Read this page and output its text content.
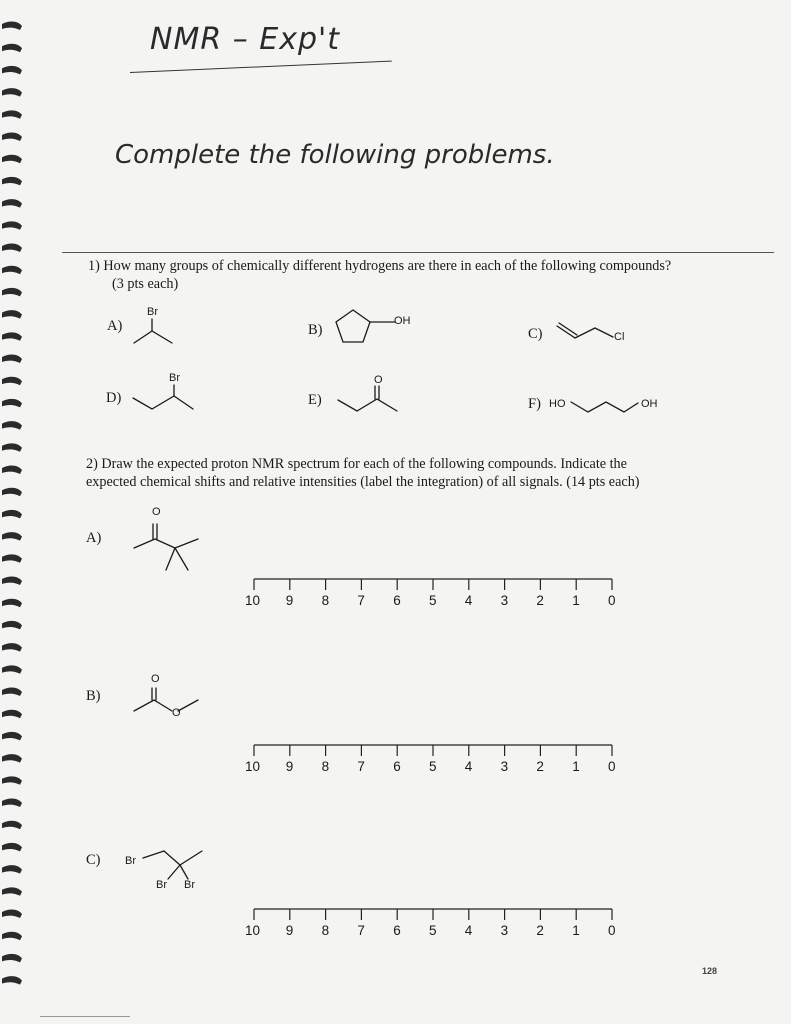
NMR – Exp't
Complete the following problems.
1) How many groups of chemically different hydrogens are there in each of the following compounds?
(3 pts each)
A)	B)	C)
D)	E)	F)
Br
OH
Cl
Br	O
HO	OH
2) Draw the expected proton NMR spectrum for each of the following compounds. Indicate the
expected chemical shifts and relative intensities (label the integration) of all signals. (14 pts each)
A)
O
B)
O
O
C) Br
Br Br
10 9 8 7 6 5 4 3 2 1 0
10 9 8 7 6 5 4 3 2 1 0
10 9 8 7 6 5 4 3 2 1 0
128
